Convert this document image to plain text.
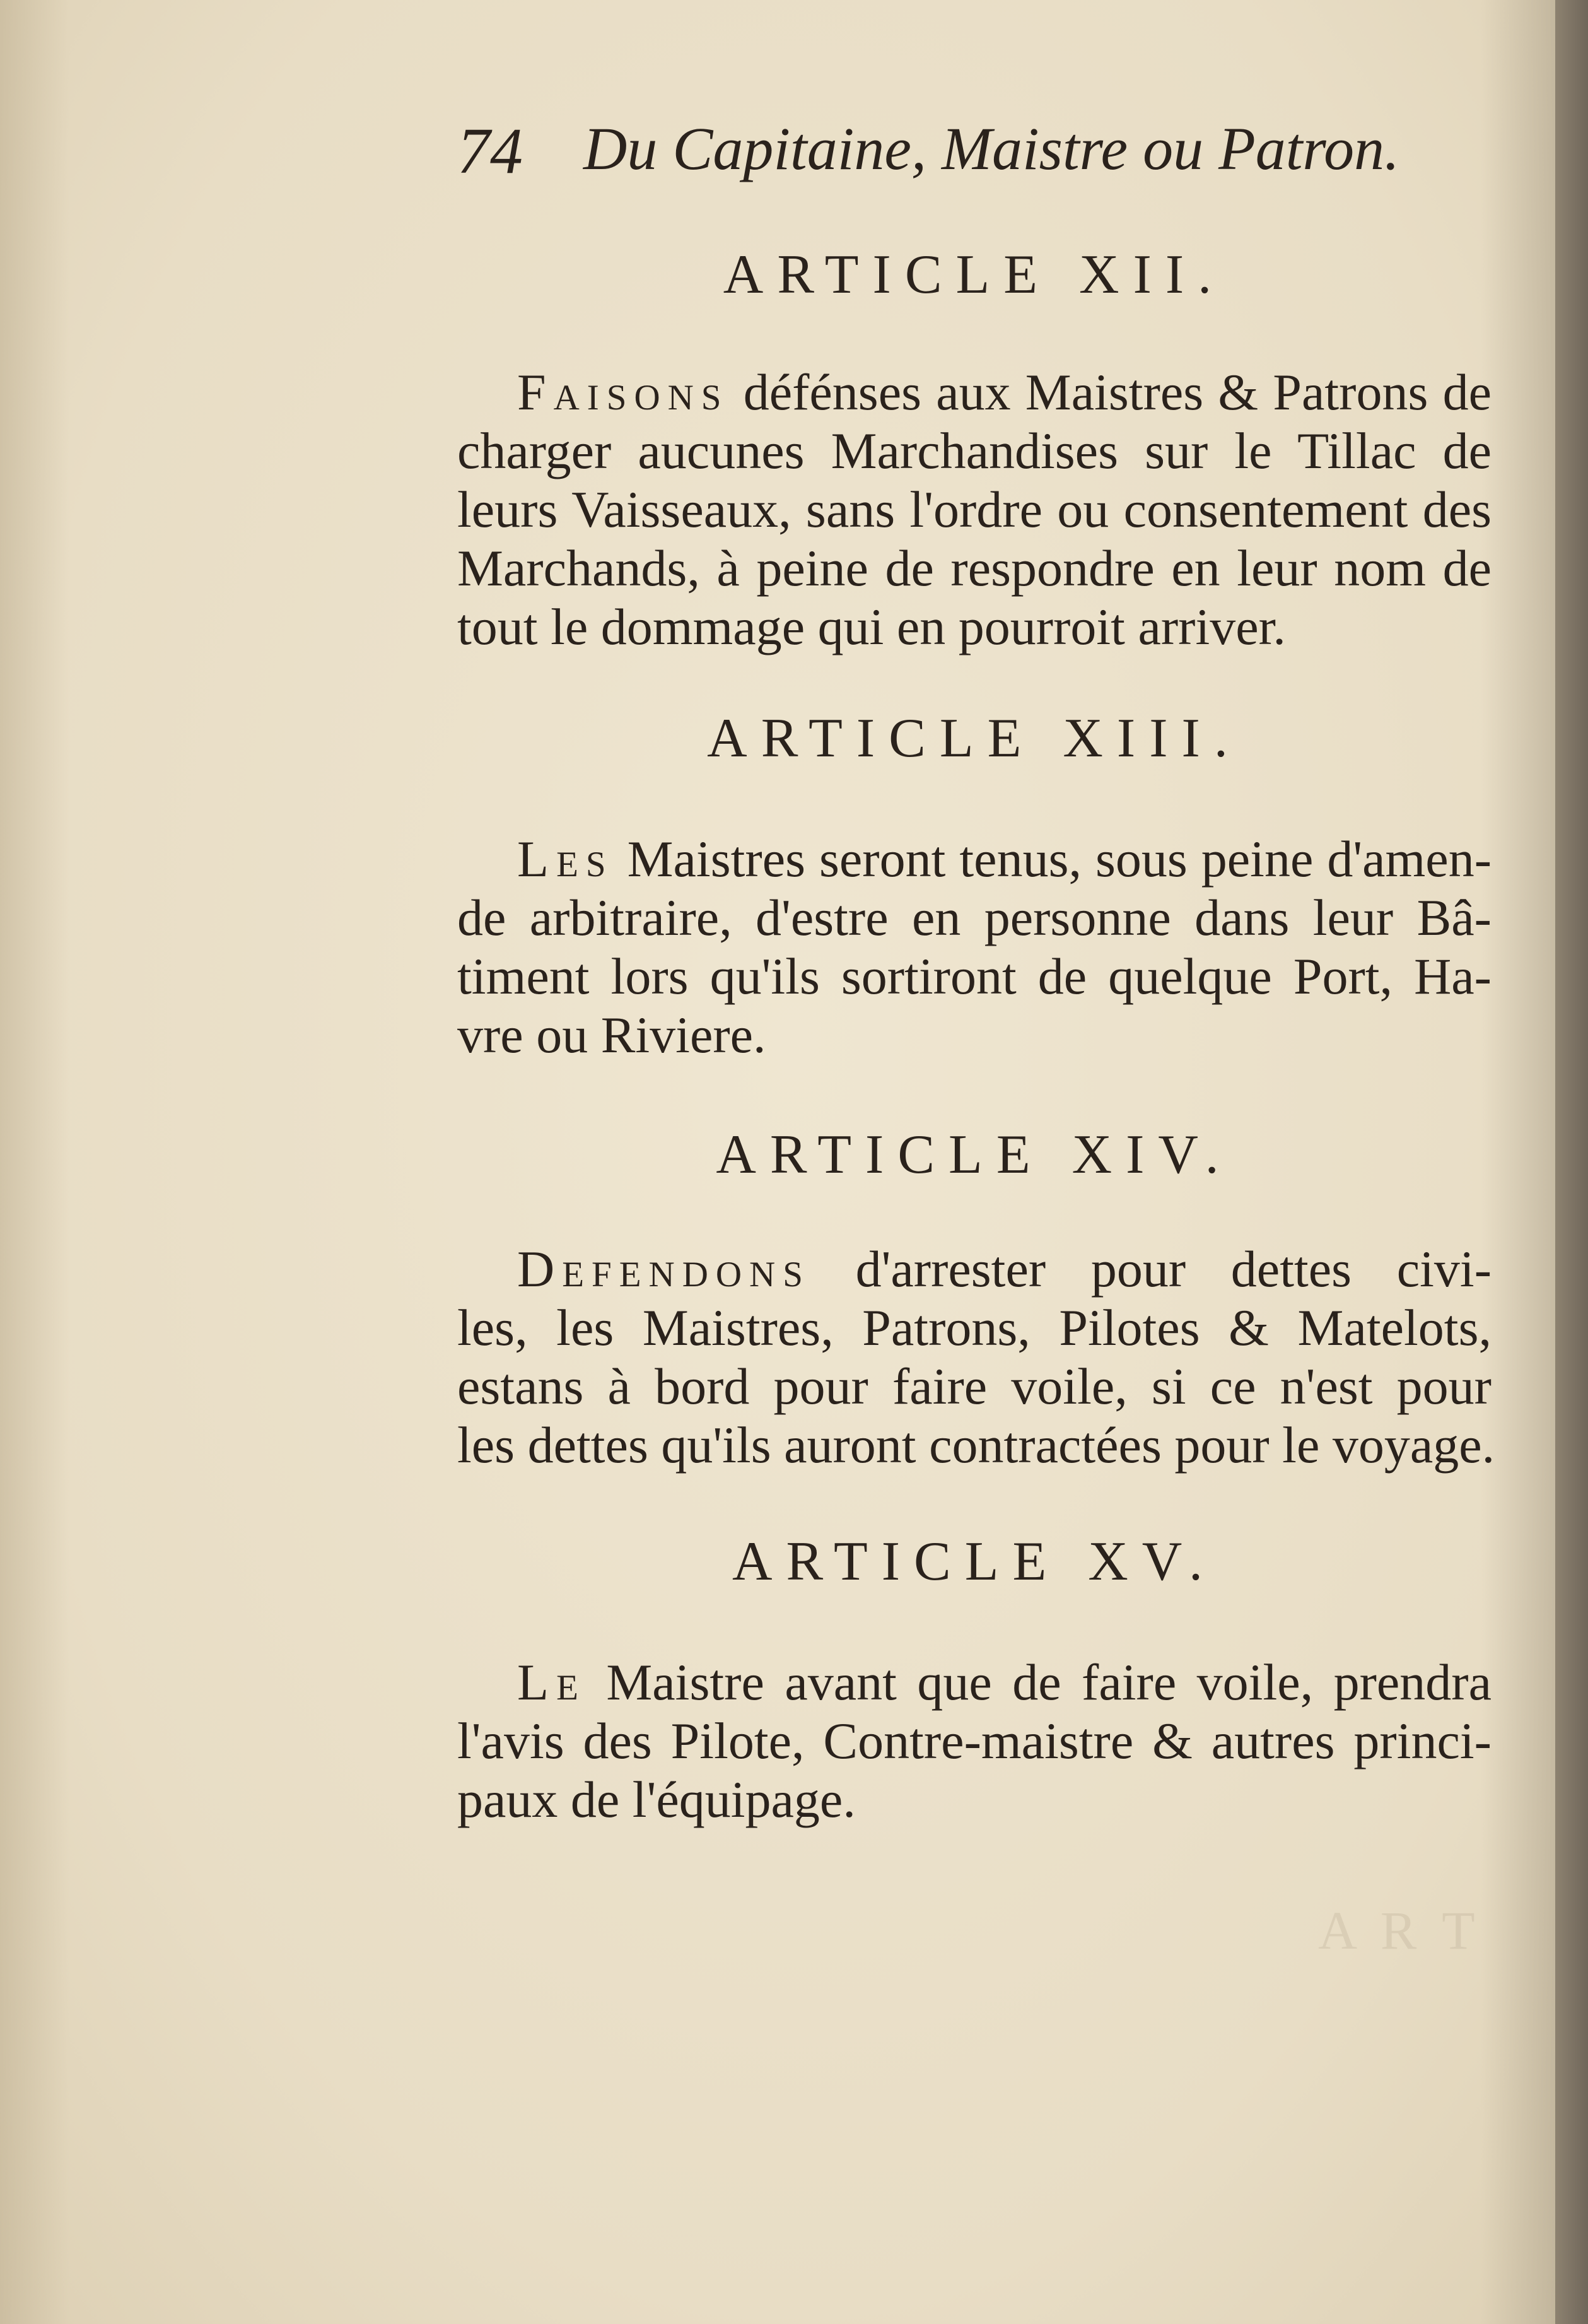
A R T
74 Du Capitaine, Maistre ou Patron.
ARTICLE XII.
Faisons défénses aux Maistres & Patrons de
charger aucunes Marchandises sur le Tillac de
leurs Vaisseaux, sans l'ordre ou consentement des
Marchands, à peine de respondre en leur nom de
tout le dommage qui en pourroit arriver.
ARTICLE XIII.
Les Maistres seront tenus, sous peine d'amen-
de arbitraire, d'estre en personne dans leur Bâ-
timent lors qu'ils sortiront de quelque Port, Ha-
vre ou Riviere.
ARTICLE XIV.
Defendons d'arrester pour dettes civi-
les, les Maistres, Patrons, Pilotes & Matelots,
estans à bord pour faire voile, si ce n'est pour
les dettes qu'ils auront contractées pour le voyage.
ARTICLE XV.
Le Maistre avant que de faire voile, prendra
l'avis des Pilote, Contre-maistre & autres princi-
paux de l'équipage.
